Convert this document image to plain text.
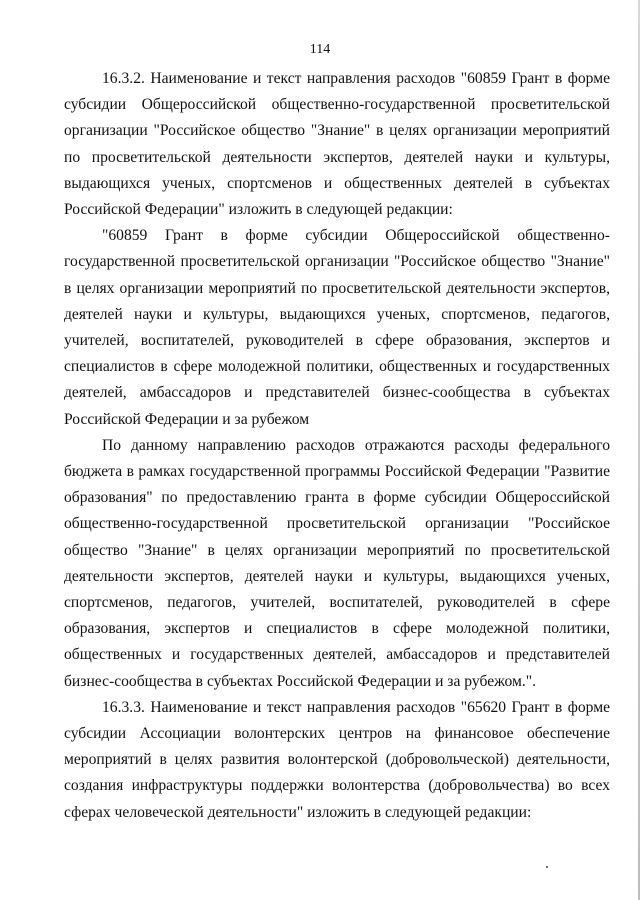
114

16.3.2. Наименование и текст направления расходов "60859 Грант в форме субсидии Общероссийской общественно-государственной просветительской организации "Российское общество "Знание" в целях организации мероприятий по просветительской деятельности экспертов, деятелей науки и культуры, выдающихся ученых, спортсменов и общественных деятелей в субъектах Российской Федерации" изложить в следующей редакции:

"60859 Грант в форме субсидии Общероссийской общественно-государственной просветительской организации "Российское общество "Знание" в целях организации мероприятий по просветительской деятельности экспертов, деятелей науки и культуры, выдающихся ученых, спортсменов, педагогов, учителей, воспитателей, руководителей в сфере образования, экспертов и специалистов в сфере молодежной политики, общественных и государственных деятелей, амбассадоров и представителей бизнес-сообщества в субъектах Российской Федерации и за рубежом

По данному направлению расходов отражаются расходы федерального бюджета в рамках государственной программы Российской Федерации "Развитие образования" по предоставлению гранта в форме субсидии Общероссийской общественно-государственной просветительской организации "Российское общество "Знание" в целях организации мероприятий по просветительской деятельности экспертов, деятелей науки и культуры, выдающихся ученых, спортсменов, педагогов, учителей, воспитателей, руководителей в сфере образования, экспертов и специалистов в сфере молодежной политики, общественных и государственных деятелей, амбассадоров и представителей бизнес-сообщества в субъектах Российской Федерации и за рубежом.".

16.3.3. Наименование и текст направления расходов "65620 Грант в форме субсидии Ассоциации волонтерских центров на финансовое обеспечение мероприятий в целях развития волонтерской (добровольческой) деятельности, создания инфраструктуры поддержки волонтерства (добровольчества) во всех сферах человеческой деятельности" изложить в следующей редакции:
